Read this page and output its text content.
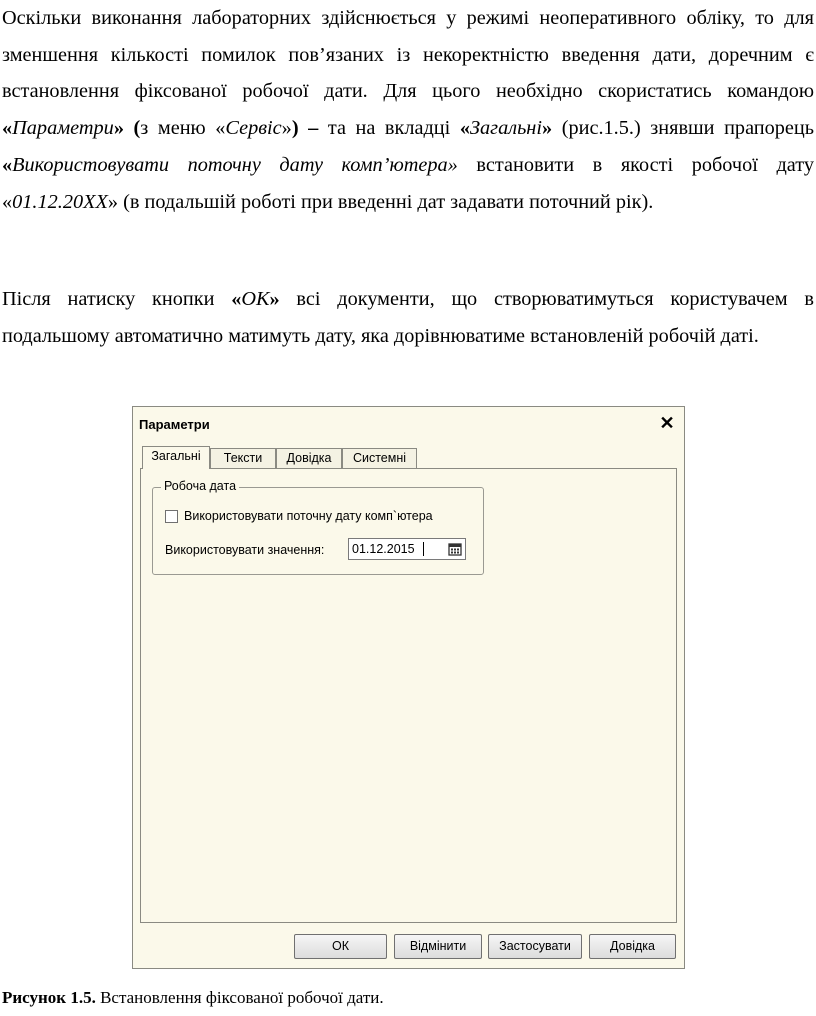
Оскільки виконання лабораторних здійснюється у режимі неоперативного обліку, то для зменшення кількості помилок пов’язаних із некоректністю введення дати, доречним є встановлення фіксованої робочої дати. Для цього необхідно скористатись командою «Параметри» (з меню «Сервіс») – та на вкладці «Загальні» (рис.1.5.) знявши прапорець «Використовувати поточну дату комп’ютера» встановити в якості робочої дату «01.12.20XX» (в подальшій роботі при введенні дат задавати поточний рік).

Після натиску кнопки «ОК» всі документи, що створюватимуться користувачем в подальшому автоматично матимуть дату, яка дорівнюватиме встановленій робочій даті.

Параметри	✕
Загальні	Тексти	Довідка	Системні
Робоча дата
Використовувати поточну дату комп`ютера
Використовувати значення: 01.12.2015
ОК	Відмінити	Застосувати	Довідка
Рисунок 1.5. Встановлення фіксованої робочої дати.
